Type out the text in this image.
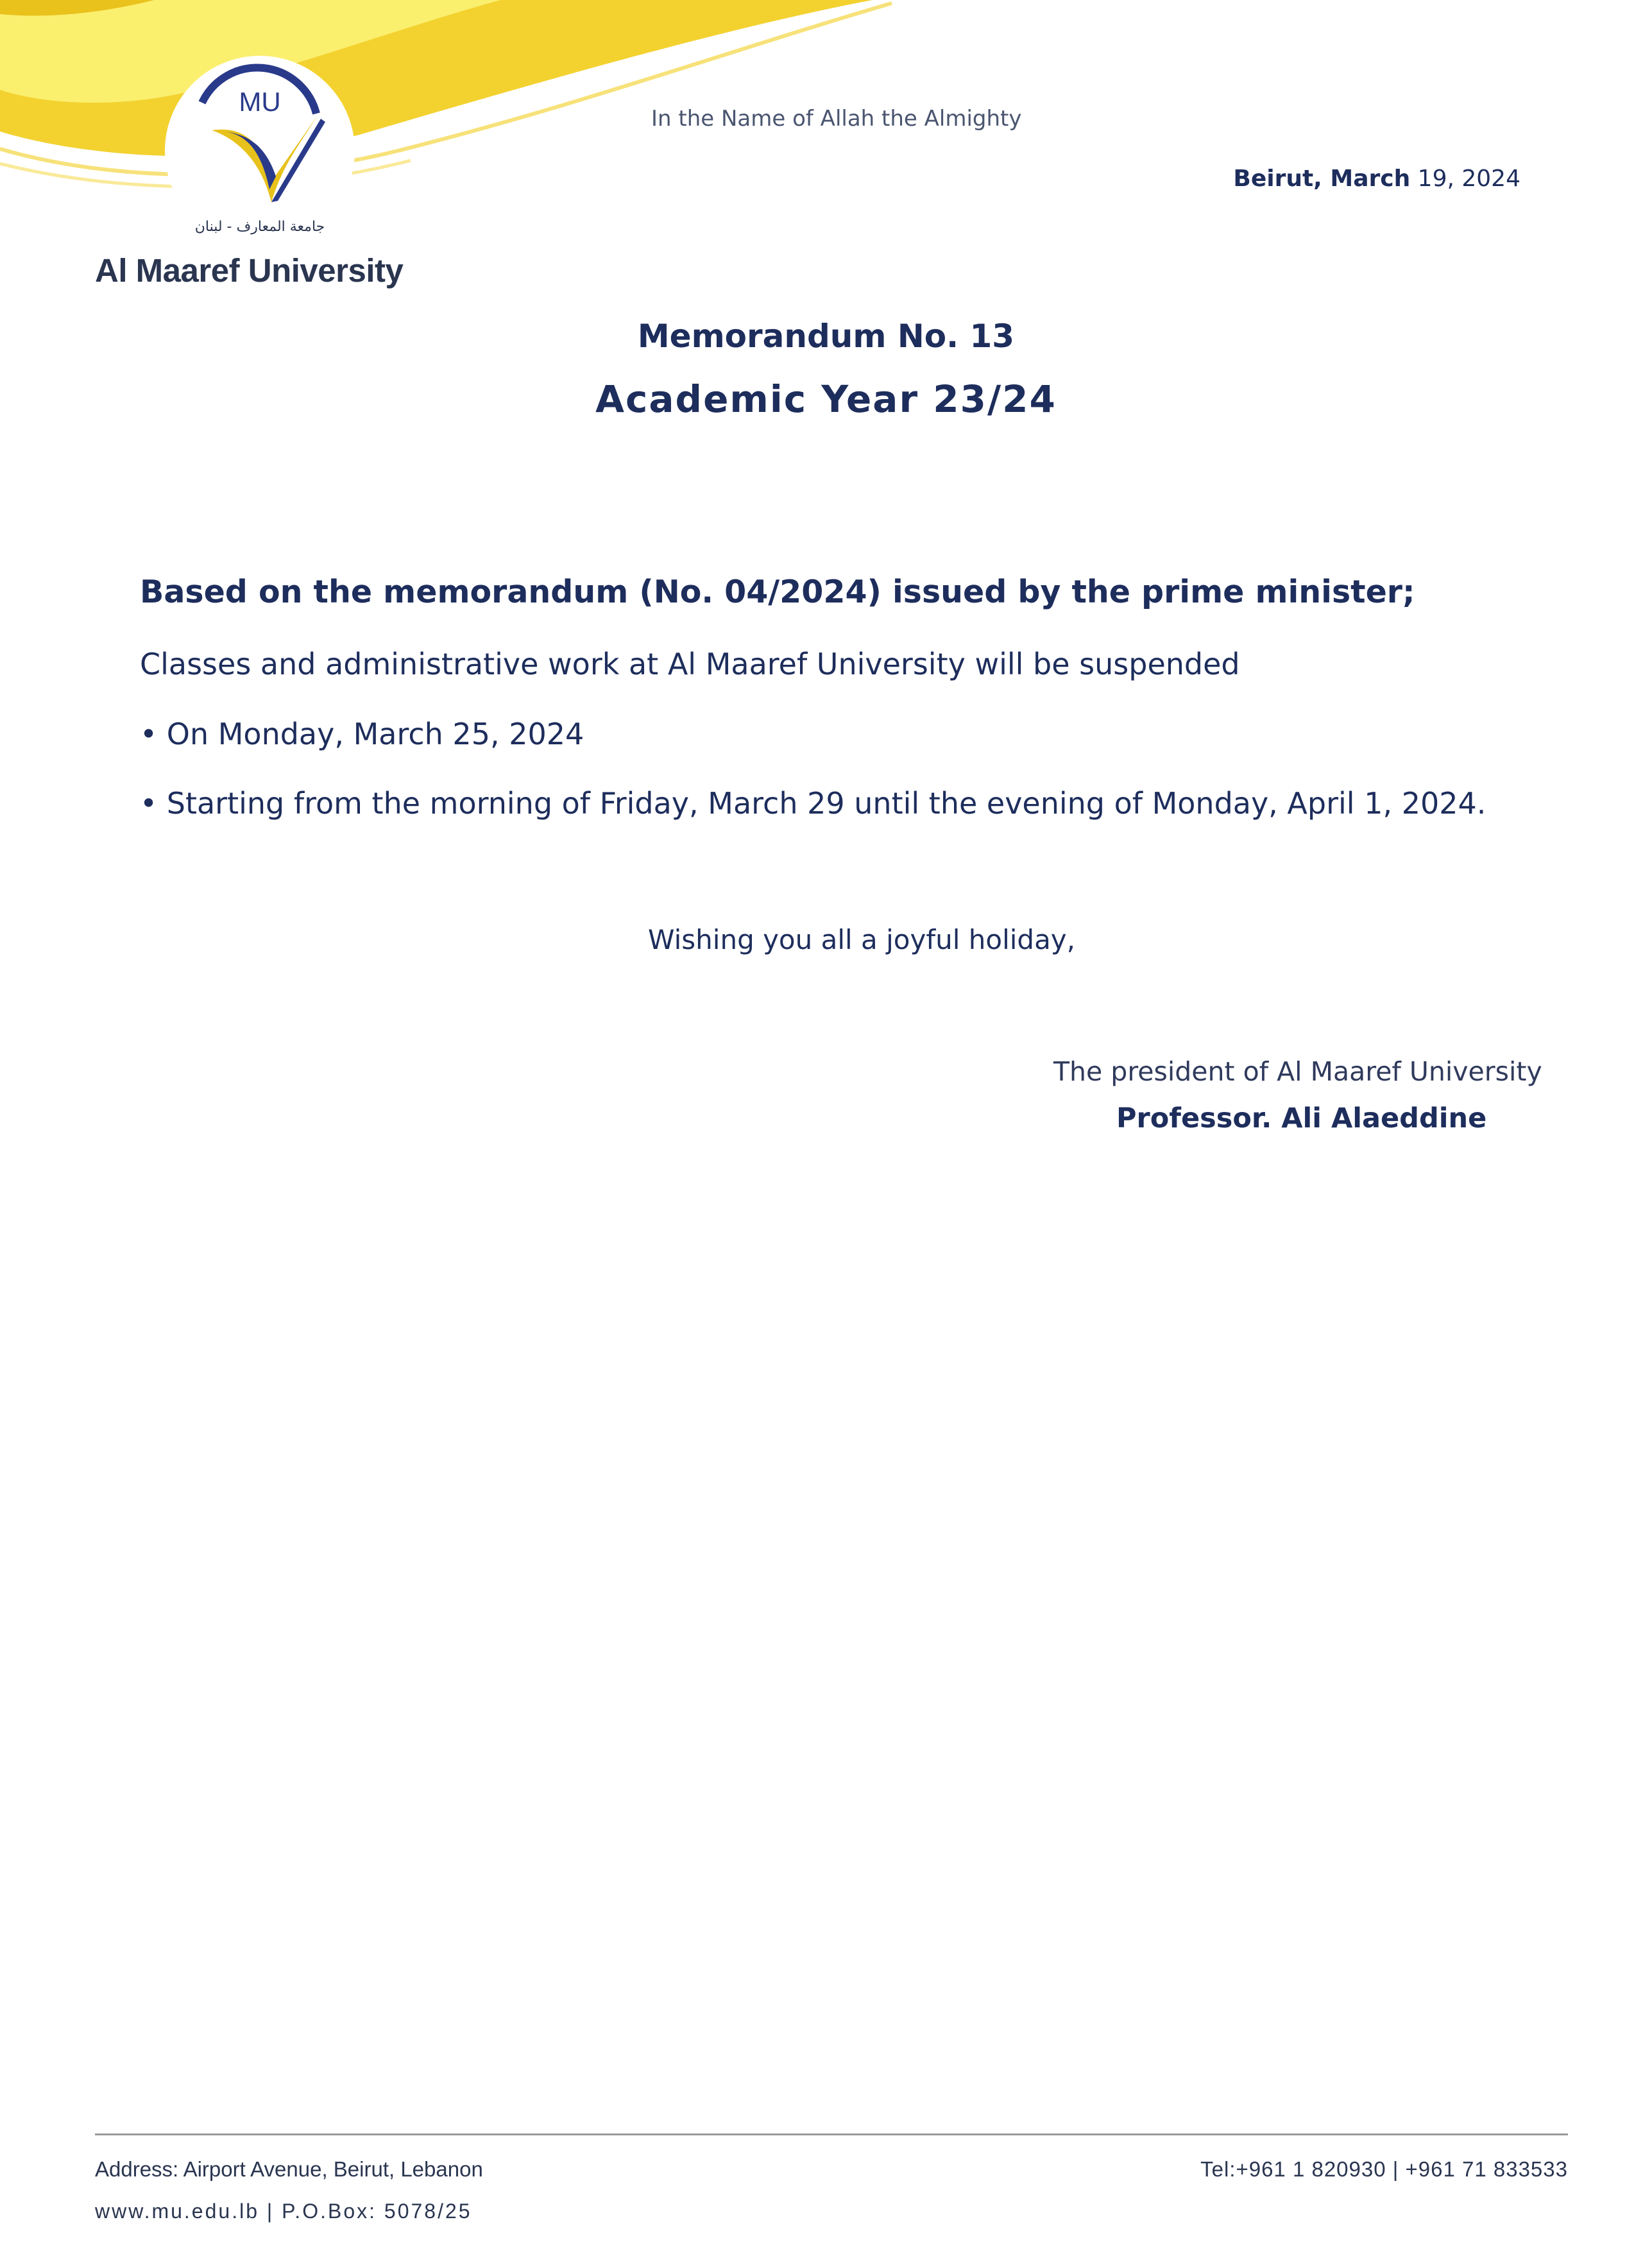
MU
جامعة المعارف - لبنان
Al Maaref University
In the Name of Allah the Almighty
Beirut, March 19, 2024
Memorandum No. 13
Academic Year 23/24
Based on the memorandum (No. 04/2024) issued by the prime minister;
Classes and administrative work at Al Maaref University will be suspended
• On Monday, March 25, 2024
• Starting from the morning of Friday, March 29 until the evening of Monday, April 1, 2024.
Wishing you all a joyful holiday,
The president of Al Maaref University
Professor. Ali Alaeddine
Address: Airport Avenue, Beirut, Lebanon
www.mu.edu.lb | P.O.Box: 5078/25
Tel:+961 1 820930 | +961 71 833533
